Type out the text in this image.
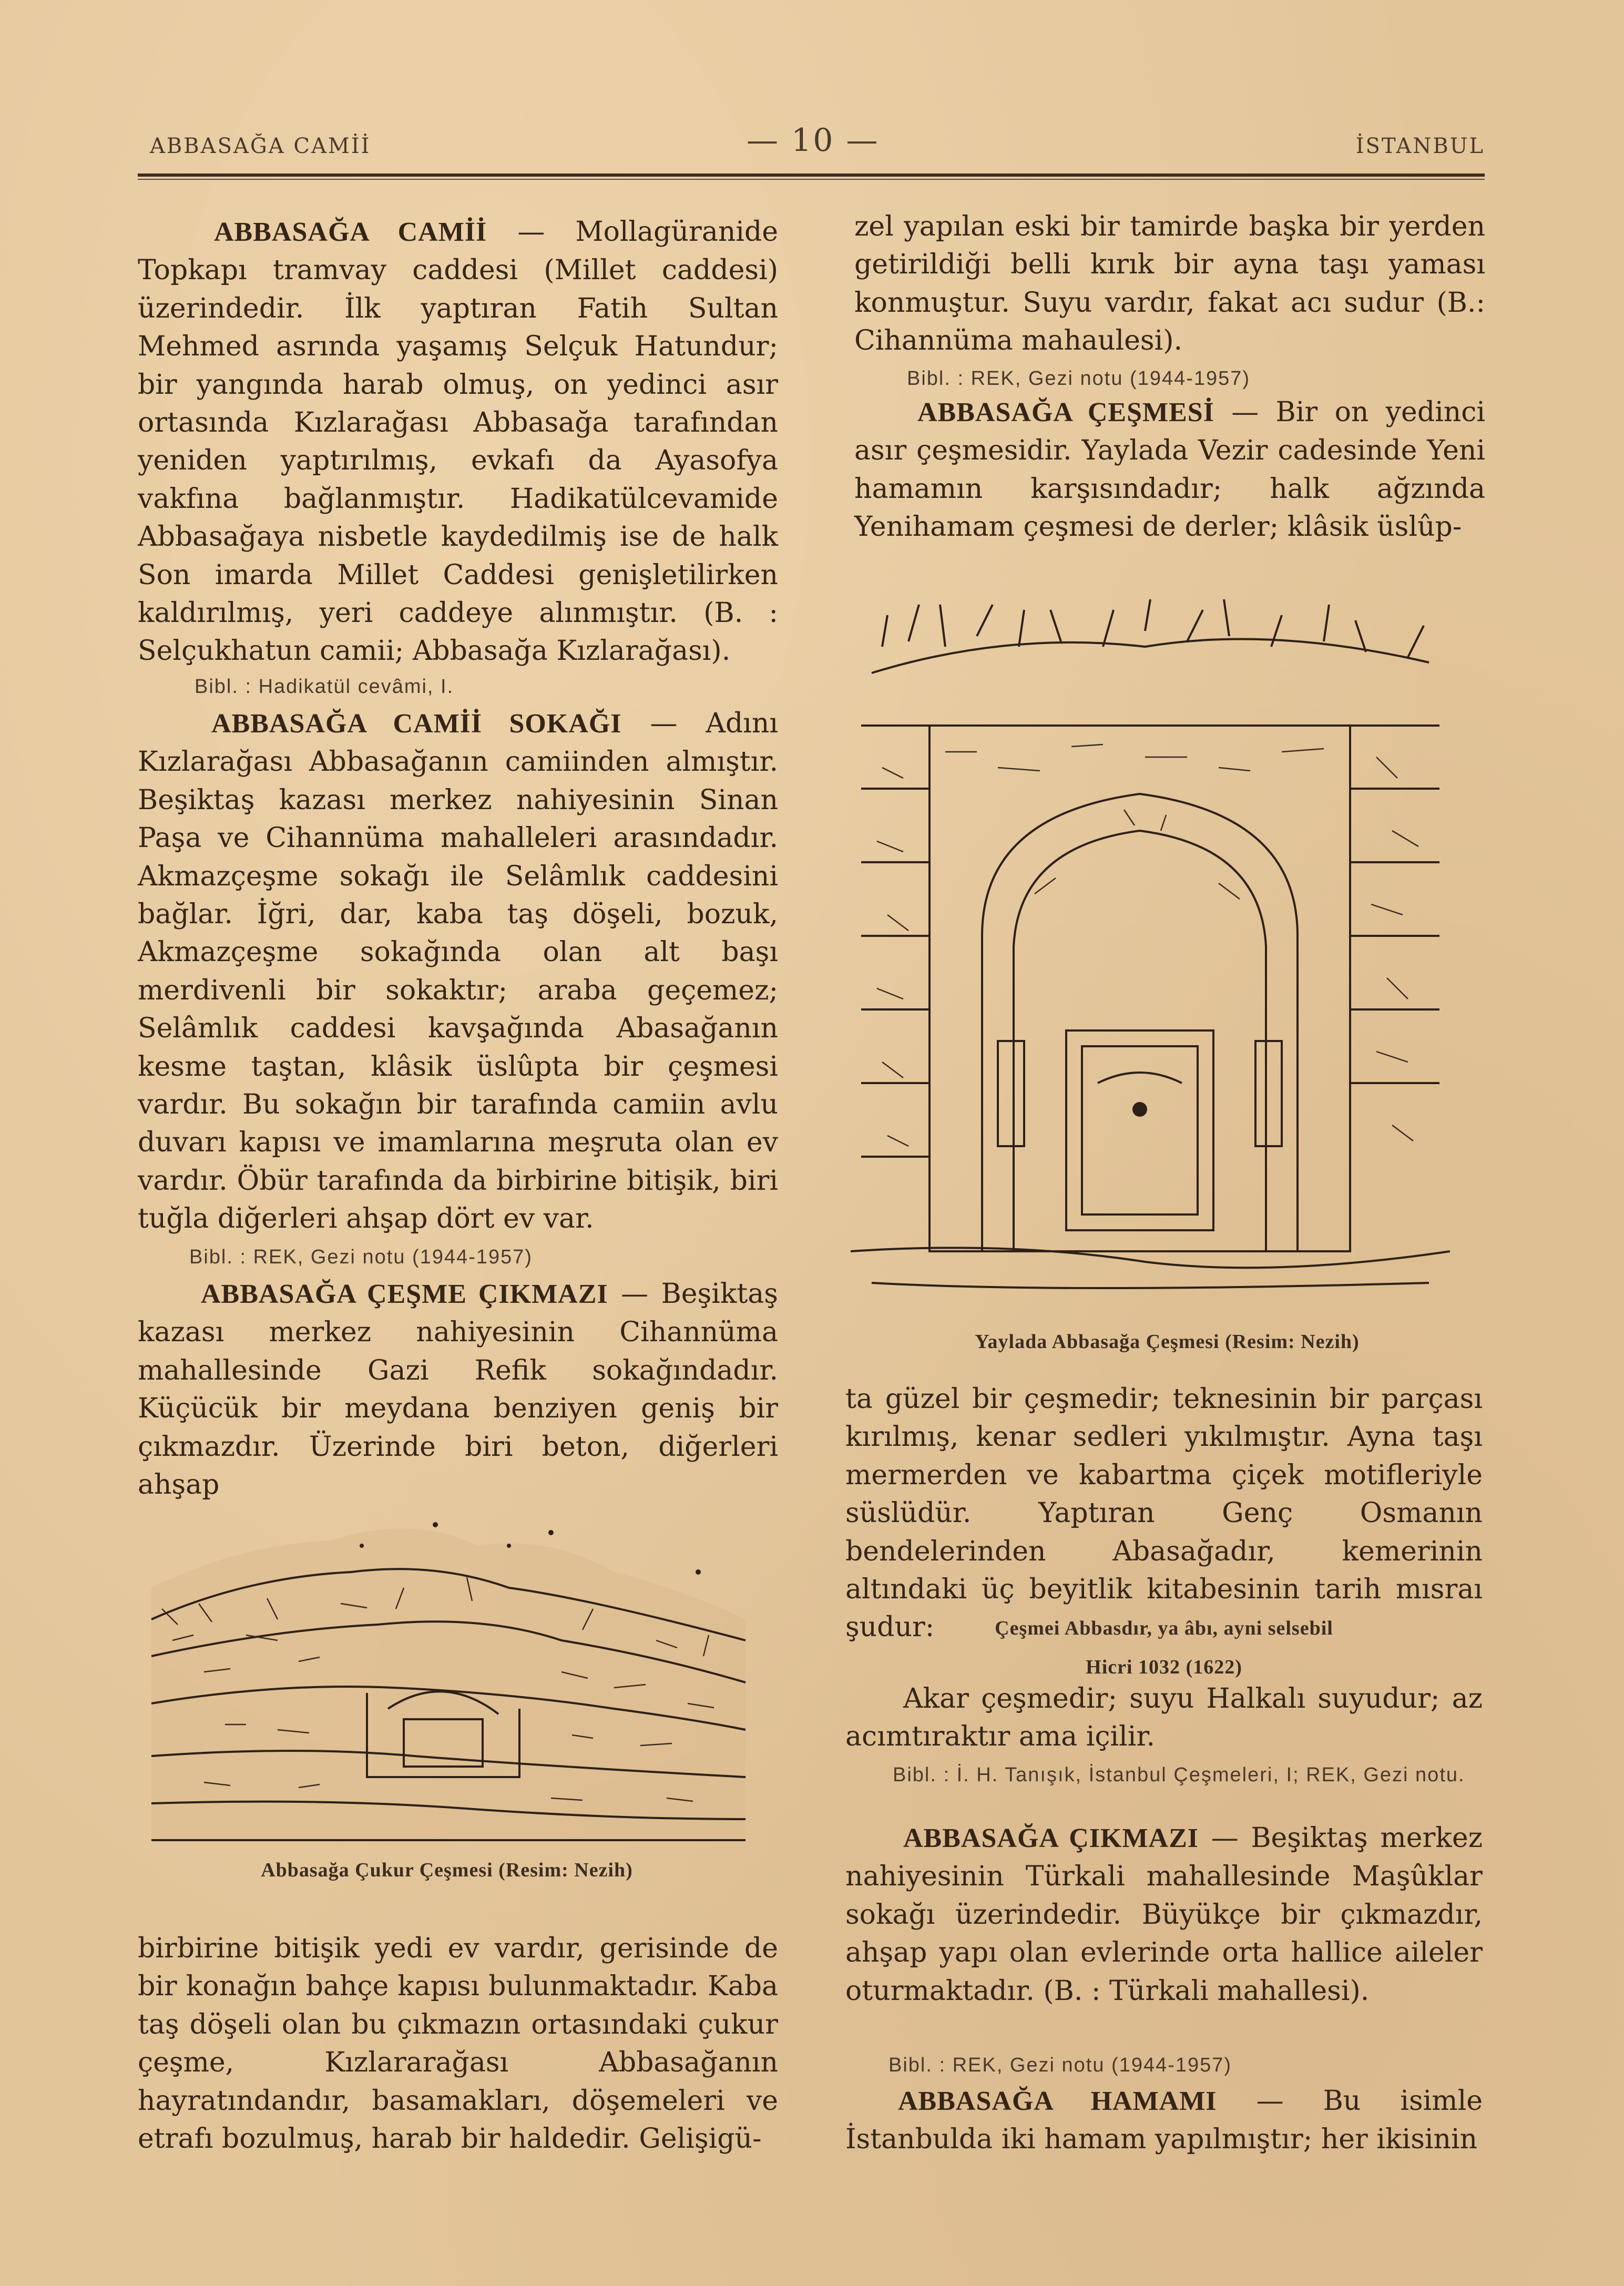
ABBASAĞA CAMİİ	— 10 —	İSTANBUL

ABBASAĞA CAMİİ — Mollagüranide Topkapı tramvay caddesi (Millet caddesi) üzerindedir. İlk yaptıran Fatih Sultan Mehmed asrında yaşamış Selçuk Hatundur; bir yangında harab olmuş, on yedinci asır ortasında Kızlarağası Abbasağa tarafından yeniden yaptırılmış, evkafı da Ayasofya vakfına bağlanmıştır. Hadikatülcevamide Abbasağaya nisbetle kaydedilmiş ise de halk Son imarda Millet Caddesi genişletilirken kaldırılmış, yeri caddeye alınmıştır. (B. : Selçukhatun camii; Abbasağa Kızlarağası).

Bibl. : Hadikatül cevâmi, I.

ABBASAĞA CAMİİ SOKAĞI — Adını Kızlarağası Abbasağanın camiinden almıştır. Beşiktaş kazası merkez nahiyesinin Sinan Paşa ve Cihannüma mahalleleri arasındadır. Akmazçeşme sokağı ile Selâmlık caddesini bağlar. İğri, dar, kaba taş döşeli, bozuk, Akmazçeşme sokağında olan alt başı merdivenli bir sokaktır; araba geçemez; Selâmlık caddesi kavşağında Abasağanın kesme taştan, klâsik üslûpta bir çeşmesi vardır. Bu sokağın bir tarafında camiin avlu duvarı kapısı ve imamlarına meşruta olan ev vardır. Öbür tarafında da birbirine bitişik, biri tuğla diğerleri ahşap dört ev var.

Bibl. : REK, Gezi notu (1944-1957)

ABBASAĞA ÇEŞME ÇIKMAZI — Beşiktaş kazası merkez nahiyesinin Cihannüma mahallesinde Gazi Refik sokağındadır. Küçücük bir meydana benziyen geniş bir çıkmazdır. Üzerinde biri beton, diğerleri ahşap

Abbasağa Çukur Çeşmesi (Resim: Nezih)

birbirine bitişik yedi ev vardır, gerisinde de bir konağın bahçe kapısı bulunmaktadır. Kaba taş döşeli olan bu çıkmazın ortasındaki çukur çeşme, Kızlararağası Abbasağanın hayratındandır, basamakları, döşemeleri ve etrafı bozulmuş, harab bir haldedir. Gelişigü-

zel yapılan eski bir tamirde başka bir yerden getirildiği belli kırık bir ayna taşı yaması konmuştur. Suyu vardır, fakat acı sudur (B.: Cihannüma mahaulesi).

Bibl. : REK, Gezi notu (1944-1957)

ABBASAĞA ÇEŞMESİ — Bir on yedinci asır çeşmesidir. Yaylada Vezir cadesinde Yeni hamamın karşısındadır; halk ağzında Yenihamam çeşmesi de derler; klâsik üslûp-

Yaylada Abbasağa Çeşmesi (Resim: Nezih)

ta güzel bir çeşmedir; teknesinin bir parçası kırılmış, kenar sedleri yıkılmıştır. Ayna taşı mermerden ve kabartma çiçek motifleriyle süslüdür. Yaptıran Genç Osmanın bendelerinden Abasağadır, kemerinin altındaki üç beyitlik kitabesinin tarih mısraı şudur:	Çeşmei Abbasdır, ya âbı, ayni selsebil
Hicri 1032 (1622)

Akar çeşmedir; suyu Halkalı suyudur; az acımtıraktır ama içilir.

Bibl. : İ. H. Tanışık, İstanbul Çeşmeleri, I; REK, Gezi notu.

ABBASAĞA ÇIKMAZI — Beşiktaş merkez nahiyesinin Türkali mahallesinde Maşûklar sokağı üzerindedir. Büyükçe bir çıkmazdır, ahşap yapı olan evlerinde orta hallice aileler oturmaktadır. (B. : Türkali mahallesi).

Bibl. : REK, Gezi notu (1944-1957)

ABBASAĞA HAMAMI — Bu isimle İstanbulda iki hamam yapılmıştır; her ikisinin
